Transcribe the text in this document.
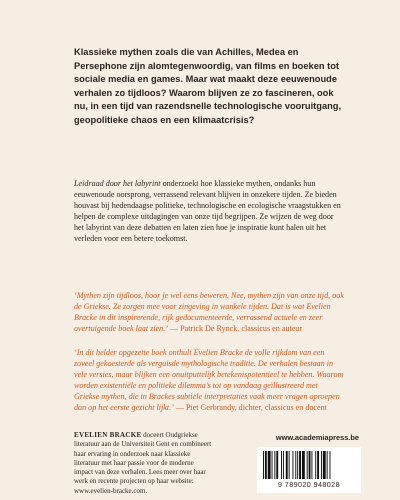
Klassieke mythen zoals die van Achilles, Medea en Persephone zijn alomtegenwoordig, van films en boeken tot sociale media en games. Maar wat maakt deze eeuwenoude verhalen zo tijdloos? Waarom blijven ze zo fascineren, ook nu, in een tijd van razendsnelle technologische vooruitgang, geopolitieke chaos en een klimaatcrisis?

Leidraad door het labyrint onderzoekt hoe klassieke mythen, ondanks hun eeuwenoude oorsprong, verrassend relevant blijven in onzekere tijden. Ze bieden houvast bij hedendaagse politieke, technologische en ecologische vraagstukken en helpen de complexe uitdagingen van onze tijd begrijpen. Ze wijzen de weg door het labyrint van deze debatten en laten zien hoe je inspiratie kunt halen uit het verleden voor een betere toekomst.

‘Mythen zijn tijdloos, hoor je wel eens beweren. Nee, mythen zijn van onze tijd, ook de Griekse. Ze zorgen mee voor zingeving in wankele tijden. Dat is wat Evelien Bracke in dit inspirerende, rijk gedocumenteerde, verrassend actuele en zeer overtuigende boek laat zien.’ — Patrick De Rynck, classicus en auteur

‘In dit helder opgezette boek onthult Evelien Bracke de volle rijkdom van een zoveel gekoesterde als verguisde mythologische traditie. De verhalen bestaan in vele versies, maar blijken een onuitputtelijk betekenispotentieel te hebben. Waarom worden existentiële en politieke dilemma’s tot op vandaag geïllustreerd met Griekse mythen, die in Brackes subtiele interpretaties vaak meer vragen oproepen dan op het eerste gezicht lijkt.’ — Piet Gerbrandy, dichter, classicus en docent

EVELIEN BRACKE doceert Oudgriekse literatuur aan de Universiteit Gent en combineert haar ervaring in onderzoek naar klassieke literatuur met haar passie voor de moderne impact van deze verhalen. Lees meer over haar werk en recente projecten op haar website: www.evelien-bracke.com.

www.academiapress.be
9 789020 948028
